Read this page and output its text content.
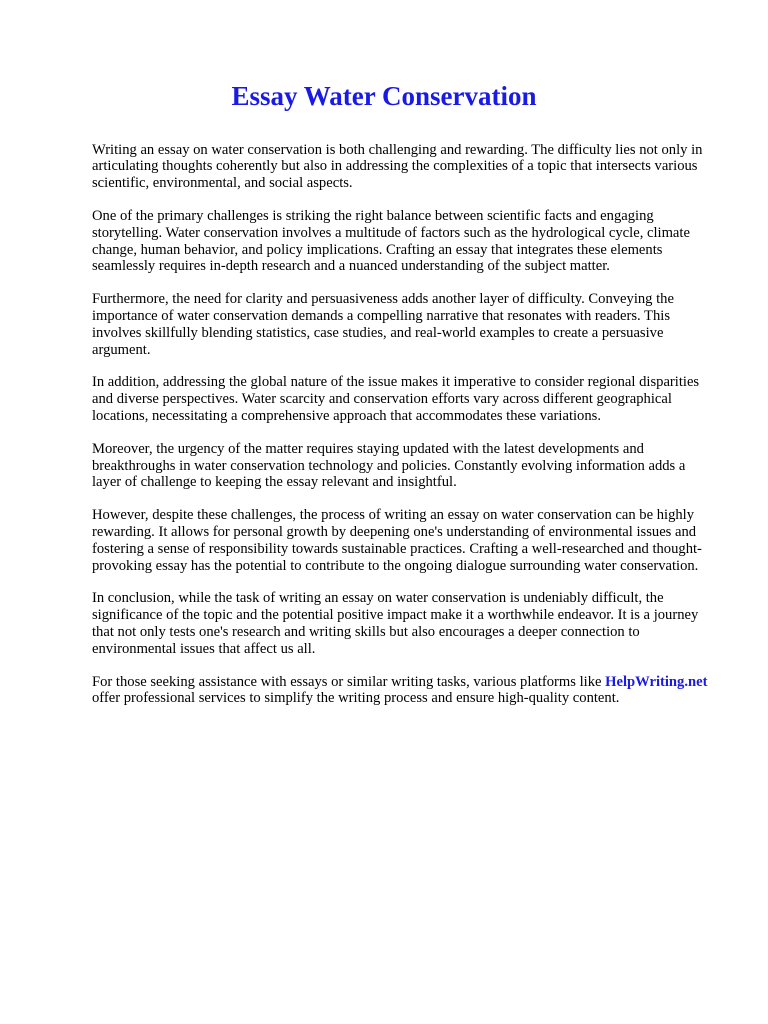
Essay Water Conservation

Writing an essay on water conservation is both challenging and rewarding. The difficulty lies not only in articulating thoughts coherently but also in addressing the complexities of a topic that intersects various scientific, environmental, and social aspects.

One of the primary challenges is striking the right balance between scientific facts and engaging storytelling. Water conservation involves a multitude of factors such as the hydrological cycle, climate change, human behavior, and policy implications. Crafting an essay that integrates these elements seamlessly requires in-depth research and a nuanced understanding of the subject matter.

Furthermore, the need for clarity and persuasiveness adds another layer of difficulty. Conveying the importance of water conservation demands a compelling narrative that resonates with readers. This involves skillfully blending statistics, case studies, and real-world examples to create a persuasive argument.

In addition, addressing the global nature of the issue makes it imperative to consider regional disparities and diverse perspectives. Water scarcity and conservation efforts vary across different geographical locations, necessitating a comprehensive approach that accommodates these variations.

Moreover, the urgency of the matter requires staying updated with the latest developments and breakthroughs in water conservation technology and policies. Constantly evolving information adds a layer of challenge to keeping the essay relevant and insightful.

However, despite these challenges, the process of writing an essay on water conservation can be highly rewarding. It allows for personal growth by deepening one's understanding of environmental issues and fostering a sense of responsibility towards sustainable practices. Crafting a well-researched and thought-provoking essay has the potential to contribute to the ongoing dialogue surrounding water conservation.

In conclusion, while the task of writing an essay on water conservation is undeniably difficult, the significance of the topic and the potential positive impact make it a worthwhile endeavor. It is a journey that not only tests one's research and writing skills but also encourages a deeper connection to environmental issues that affect us all.

For those seeking assistance with essays or similar writing tasks, various platforms like HelpWriting.net offer professional services to simplify the writing process and ensure high-quality content.
